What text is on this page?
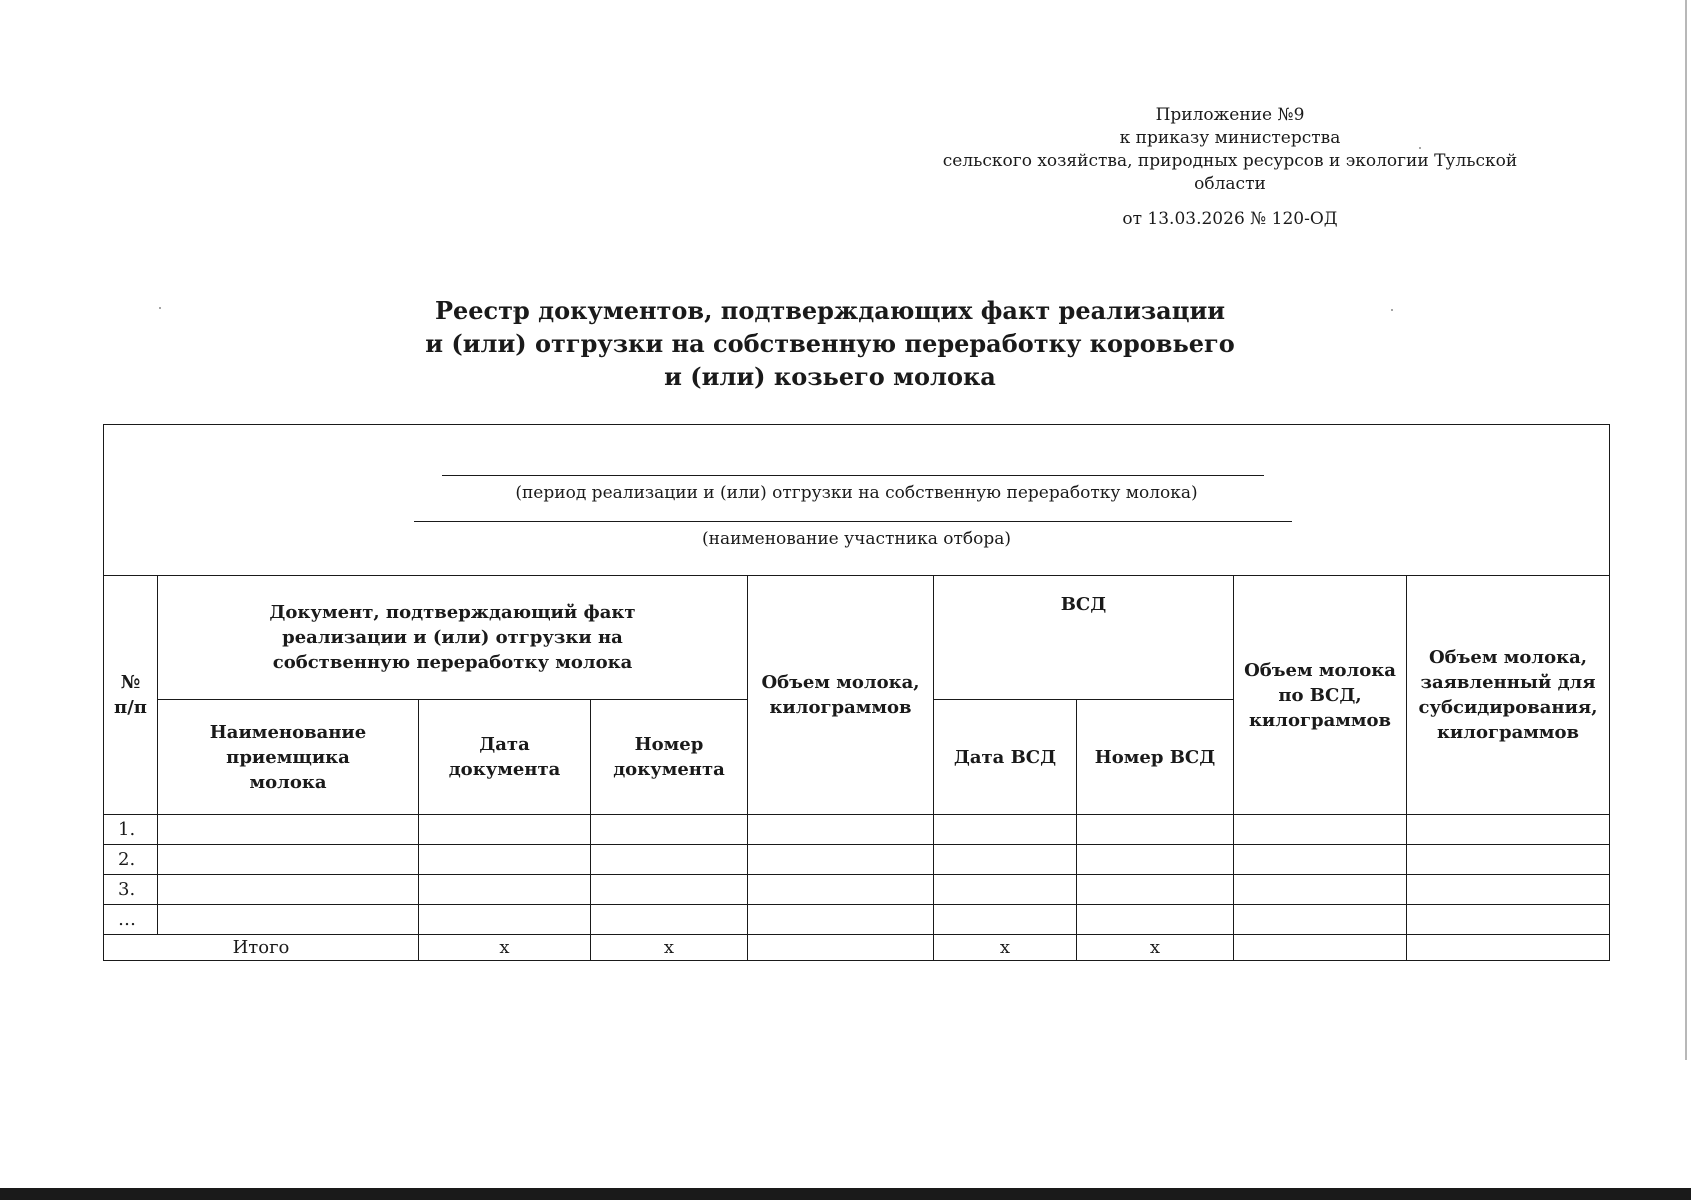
Приложение №9
к приказу министерства
сельского хозяйства, природных ресурсов и экологии Тульской
области
от 13.03.2026 № 120-ОД
Реестр документов, подтверждающих факт реализации
и (или) отгрузки на собственную переработку коровьего
и (или) козьего молока
(период реализации и (или) отгрузки на собственную переработку молока)
(наименование участника отбора)								

№ п/п	Документ, подтверждающий факт реализации и (или) отгрузки на собственную переработку молока			Объем молока, килограммов	ВСД		Объем молока по ВСД, килограммов	Объем молока, заявленный для субсидирования, килограммов
	Наименование приемщика молока	Дата документа	Номер документа		Дата ВСД	Номер ВСД		
1.								
2.								
3.								
…								
Итого		x	x		x	x		
